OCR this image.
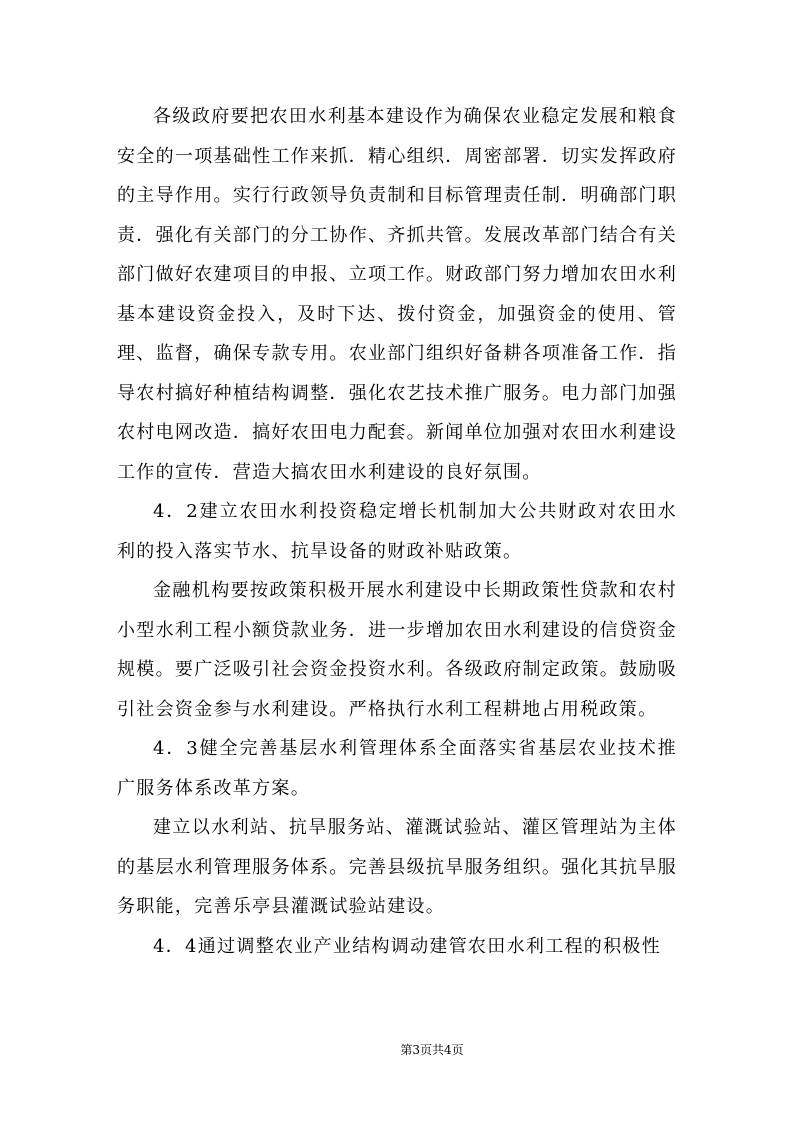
各级政府要把农田水利基本建设作为确保农业稳定发展和粮食安全的一项基础性工作来抓．精心组织．周密部署．切实发挥政府的主导作用。实行行政领导负责制和目标管理责任制．明确部门职责．强化有关部门的分工协作、齐抓共管。发展改革部门结合有关部门做好农建项目的申报、立项工作。财政部门努力增加农田水利基本建设资金投入，及时下达、拨付资金，加强资金的使用、管理、监督，确保专款专用。农业部门组织好备耕各项准备工作．指导农村搞好种植结构调整．强化农艺技术推广服务。电力部门加强农村电网改造．搞好农田电力配套。新闻单位加强对农田水利建设工作的宣传．营造大搞农田水利建设的良好氛围。

4．2建立农田水利投资稳定增长机制加大公共财政对农田水利的投入落实节水、抗旱设备的财政补贴政策。

金融机构要按政策积极开展水利建设中长期政策性贷款和农村小型水利工程小额贷款业务．进一步增加农田水利建设的信贷资金规模。要广泛吸引社会资金投资水利。各级政府制定政策。鼓励吸引社会资金参与水利建设。严格执行水利工程耕地占用税政策。

4．3健全完善基层水利管理体系全面落实省基层农业技术推广服务体系改革方案。

建立以水利站、抗旱服务站、灌溉试验站、灌区管理站为主体的基层水利管理服务体系。完善县级抗旱服务组织。强化其抗旱服务职能，完善乐亭县灌溉试验站建设。

4．4通过调整农业产业结构调动建管农田水利工程的积极性

第3页共4页
